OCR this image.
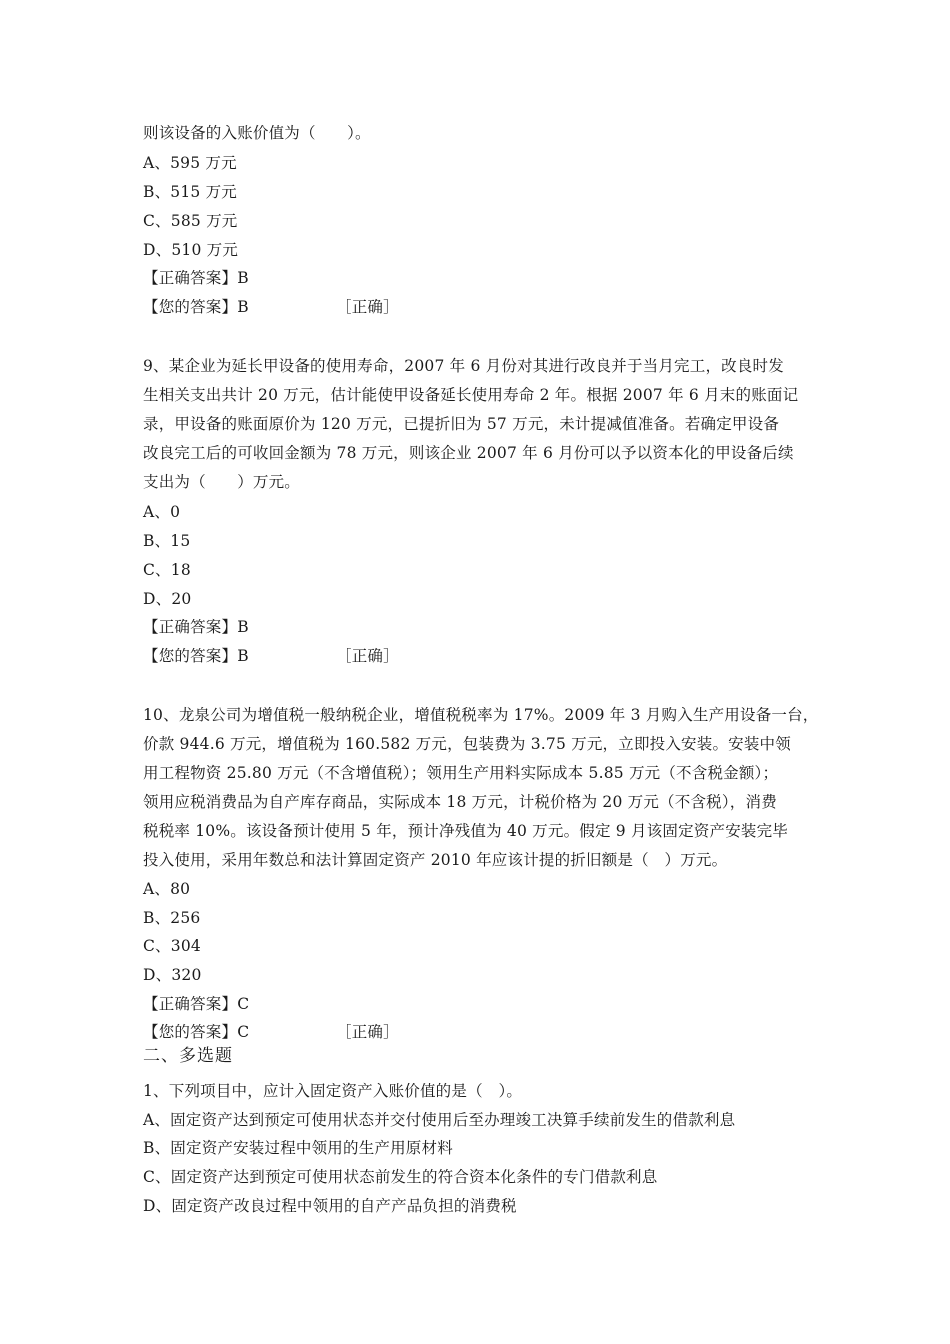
则该设备的入账价值为（　　）。
A、595 万元
B、515 万元
C、585 万元
D、510 万元
【正确答案】B
【您的答案】B	［正确］
9、某企业为延长甲设备的使用寿命，2007 年 6 月份对其进行改良并于当月完工，改良时发
生相关支出共计 20 万元，估计能使甲设备延长使用寿命 2 年。根据 2007 年 6 月末的账面记
录，甲设备的账面原价为 120 万元，已提折旧为 57 万元，未计提减值准备。若确定甲设备
改良完工后的可收回金额为 78 万元，则该企业 2007 年 6 月份可以予以资本化的甲设备后续
支出为（　　）万元。
A、0
B、15
C、18
D、20
【正确答案】B
【您的答案】B	［正确］
10、龙泉公司为增值税一般纳税企业，增值税税率为 17%。2009 年 3 月购入生产用设备一台，
价款 944.6 万元，增值税为 160.582 万元，包装费为 3.75 万元，立即投入安装。安装中领
用工程物资 25.80 万元（不含增值税）；领用生产用料实际成本 5.85 万元（不含税金额）；
领用应税消费品为自产库存商品，实际成本 18 万元，计税价格为 20 万元（不含税），消费
税税率 10%。该设备预计使用 5 年，预计净残值为 40 万元。假定 9 月该固定资产安装完毕
投入使用，采用年数总和法计算固定资产 2010 年应该计提的折旧额是（　）万元。
A、80
B、256
C、304
D、320
【正确答案】C
【您的答案】C	［正确］
二、多选题
1、下列项目中，应计入固定资产入账价值的是（　）。
A、固定资产达到预定可使用状态并交付使用后至办理竣工决算手续前发生的借款利息
B、固定资产安装过程中领用的生产用原材料
C、固定资产达到预定可使用状态前发生的符合资本化条件的专门借款利息
D、固定资产改良过程中领用的自产产品负担的消费税
